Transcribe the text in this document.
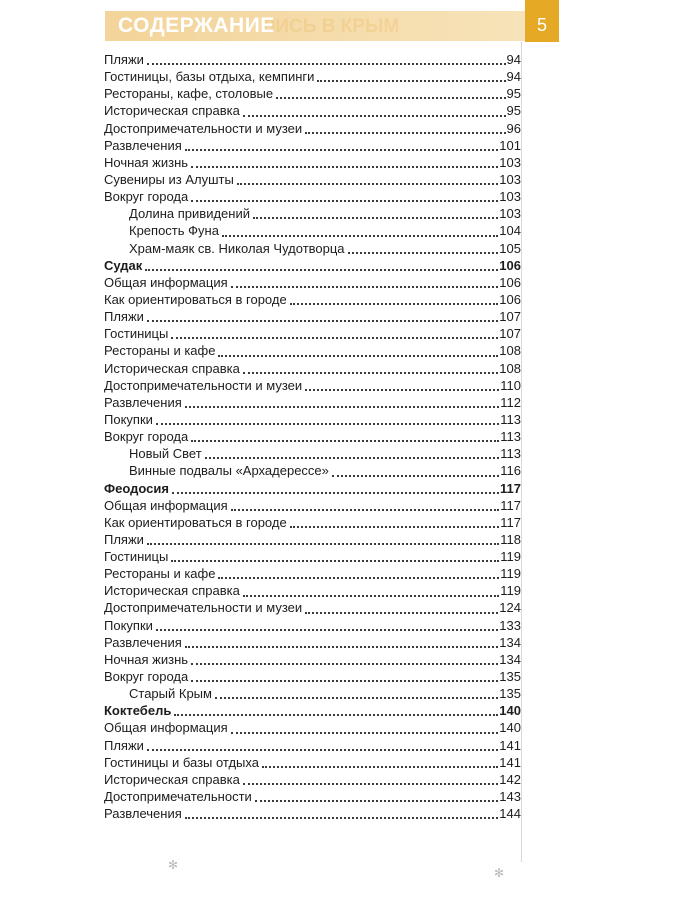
ЛИСЬ В КРЫМ
СОДЕРЖАНИЕ	5
Пляжи	94
Гостиницы, базы отдыха, кемпинги	94
Рестораны, кафе, столовые	95
Историческая справка	95
Достопримечательности и музеи	96
Развлечения	101
Ночная жизнь	103
Сувениры из Алушты	103
Вокруг города	103
Долина привидений	103
Крепость Фуна	104
Храм-маяк св. Николая Чудотворца	105
Судак	106
Общая информация	106
Как ориентироваться в городе	106
Пляжи	107
Гостиницы	107
Рестораны и кафе	108
Историческая справка	108
Достопримечательности и музеи	110
Развлечения	112
Покупки	113
Вокруг города	113
Новый Свет	113
Винные подвалы «Архадерессе»	116
Феодосия	117
Общая информация	117
Как ориентироваться в городе	117
Пляжи	118
Гостиницы	119
Рестораны и кафе	119
Историческая справка	119
Достопримечательности и музеи	124
Покупки	133
Развлечения	134
Ночная жизнь	134
Вокруг города	135
Старый Крым	135
Коктебель	140
Общая информация	140
Пляжи	141
Гостиницы и базы отдыха	141
Историческая справка	142
Достопримечательности	143
Развлечения	144
✻
✻
